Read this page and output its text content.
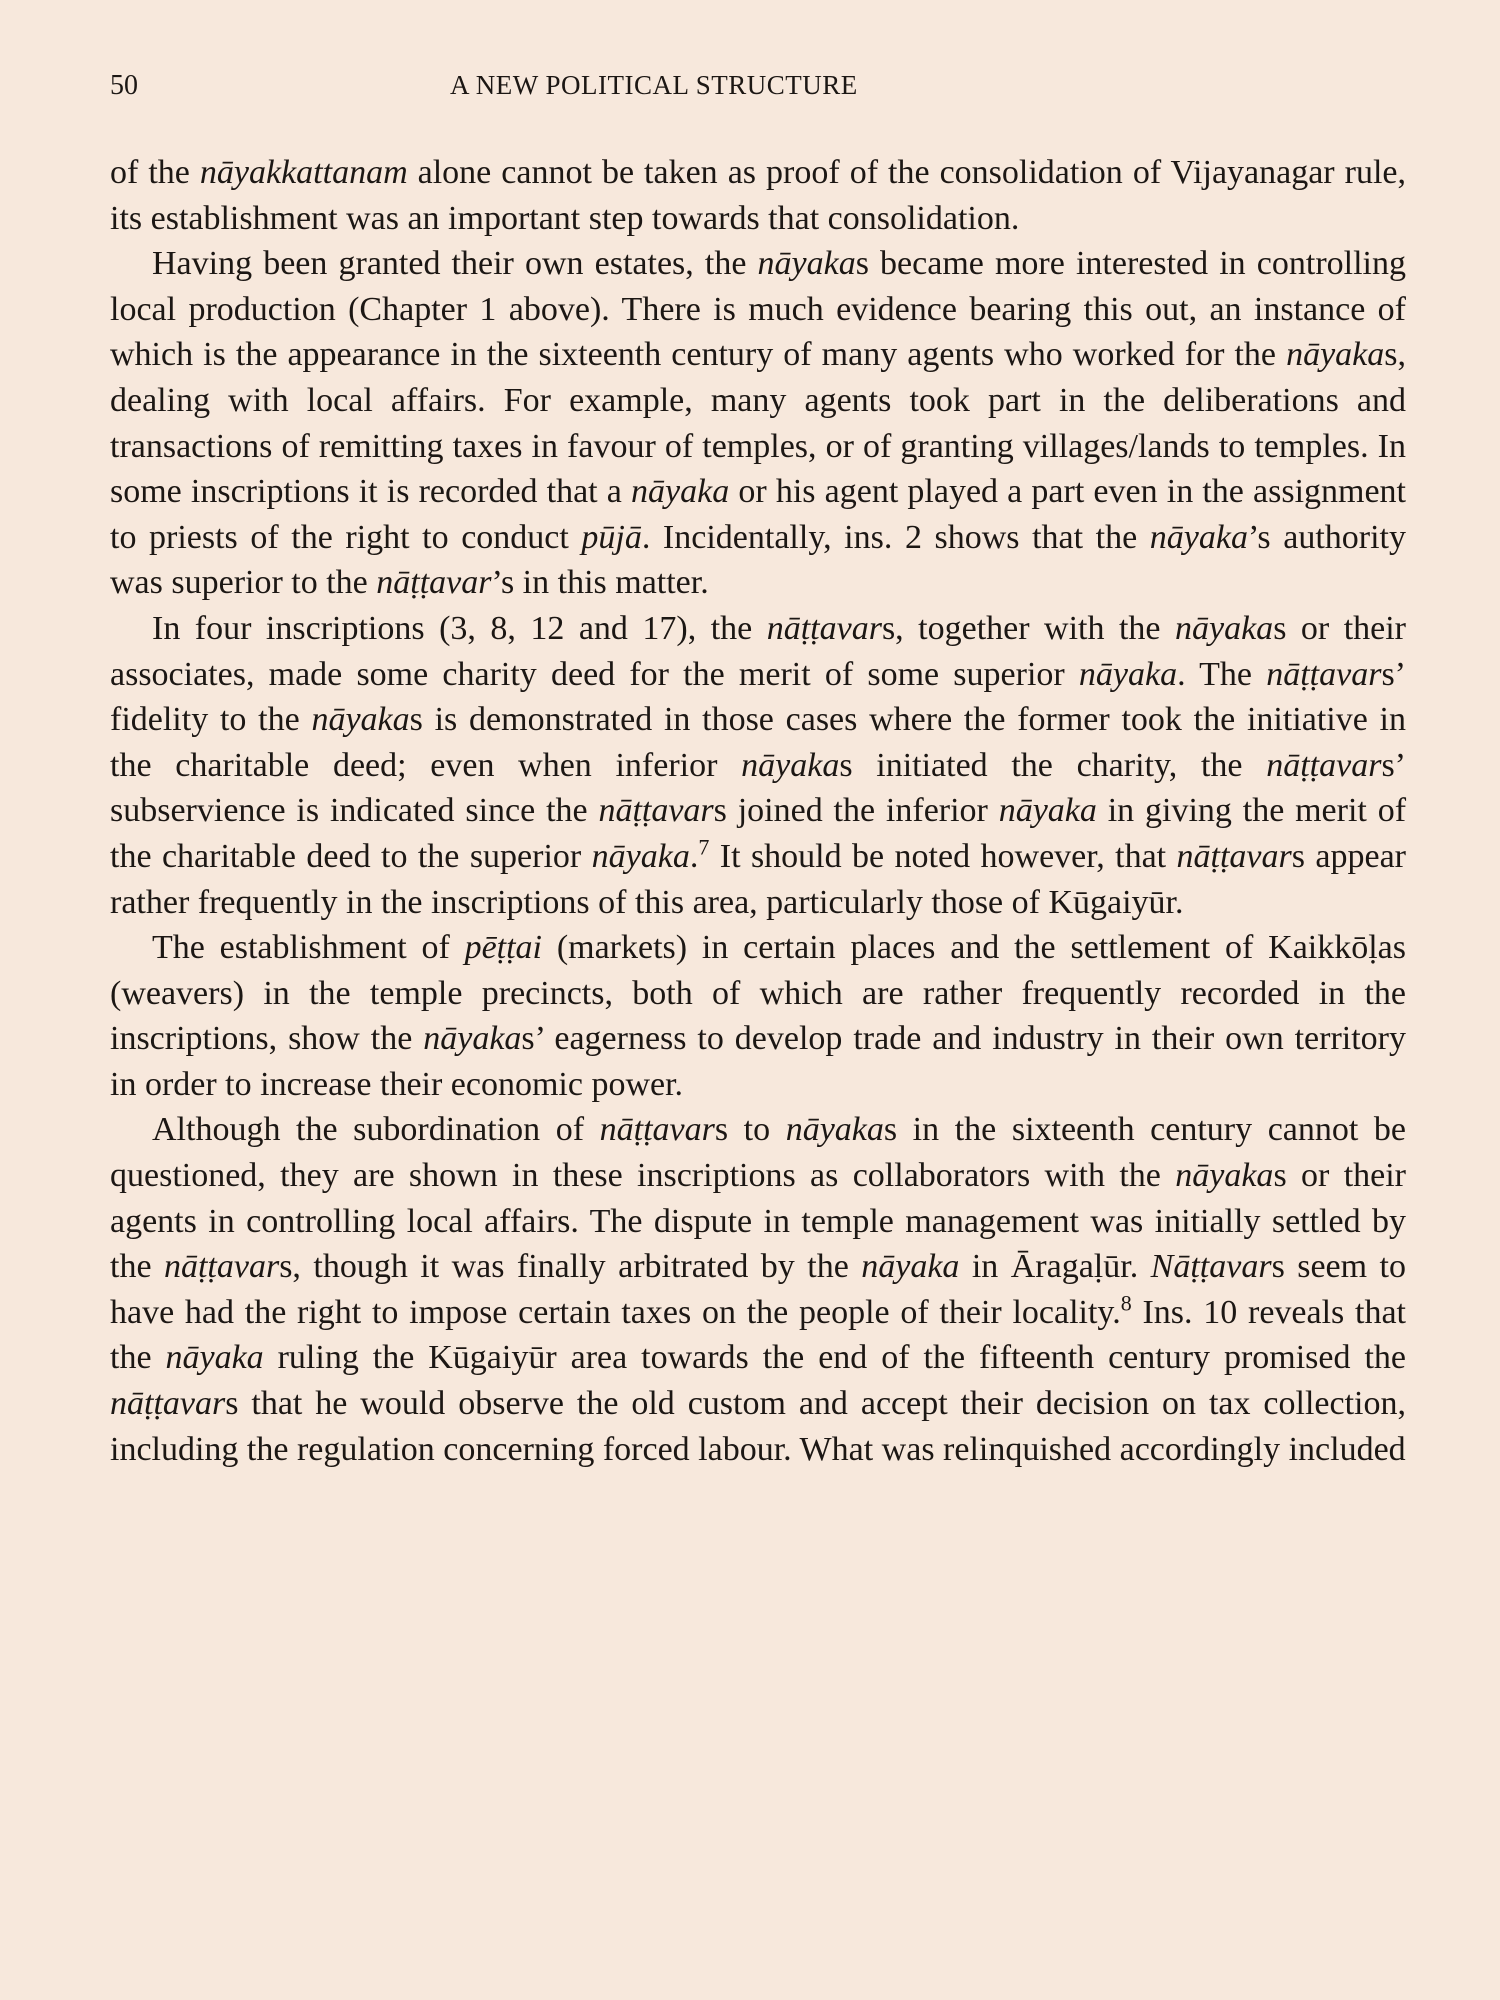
50	A NEW POLITICAL STRUCTURE

of the nāyakkattanam alone cannot be taken as proof of the consolidation of Vijayanagar rule, its establishment was an important step towards that consolidation.

Having been granted their own estates, the nāyakas became more interested in controlling local production (Chapter 1 above). There is much evidence bearing this out, an instance of which is the appearance in the sixteenth century of many agents who worked for the nāyakas, dealing with local affairs. For example, many agents took part in the deliberations and transactions of remitting taxes in favour of temples, or of granting villages/lands to temples. In some inscriptions it is recorded that a nāyaka or his agent played a part even in the assignment to priests of the right to conduct pūjā. Incidentally, ins. 2 shows that the nāyaka’s authority was superior to the nāṭṭavar’s in this matter.

In four inscriptions (3, 8, 12 and 17), the nāṭṭavars, together with the nāyakas or their associates, made some charity deed for the merit of some superior nāyaka. The nāṭṭavars’ fidelity to the nāyakas is demonstrated in those cases where the former took the initiative in the charitable deed; even when inferior nāyakas initiated the charity, the nāṭṭavars’ subservience is indicated since the nāṭṭavars joined the inferior nāyaka in giving the merit of the charitable deed to the superior nāyaka.$^7$ It should be noted however, that nāṭṭavars appear rather frequently in the inscriptions of this area, particularly those of Kūgaiyūr.

The establishment of pēṭṭai (markets) in certain places and the settlement of Kaikkōḷas (weavers) in the temple precincts, both of which are rather frequently recorded in the inscriptions, show the nāyakas’ eagerness to develop trade and industry in their own territory in order to increase their economic power.

Although the subordination of nāṭṭavars to nāyakas in the sixteenth century cannot be questioned, they are shown in these inscriptions as collaborators with the nāyakas or their agents in controlling local affairs. The dispute in temple management was initially settled by the nāṭṭavars, though it was finally arbitrated by the nāyaka in Āragaḷūr. Nāṭṭavars seem to have had the right to impose certain taxes on the people of their locality.$^8$ Ins. 10 reveals that the nāyaka ruling the Kūgaiyūr area towards the end of the fifteenth century promised the nāṭṭavars that he would observe the old custom and accept their decision on tax collection, including the regulation concerning forced labour. What was relinquished accordingly included
